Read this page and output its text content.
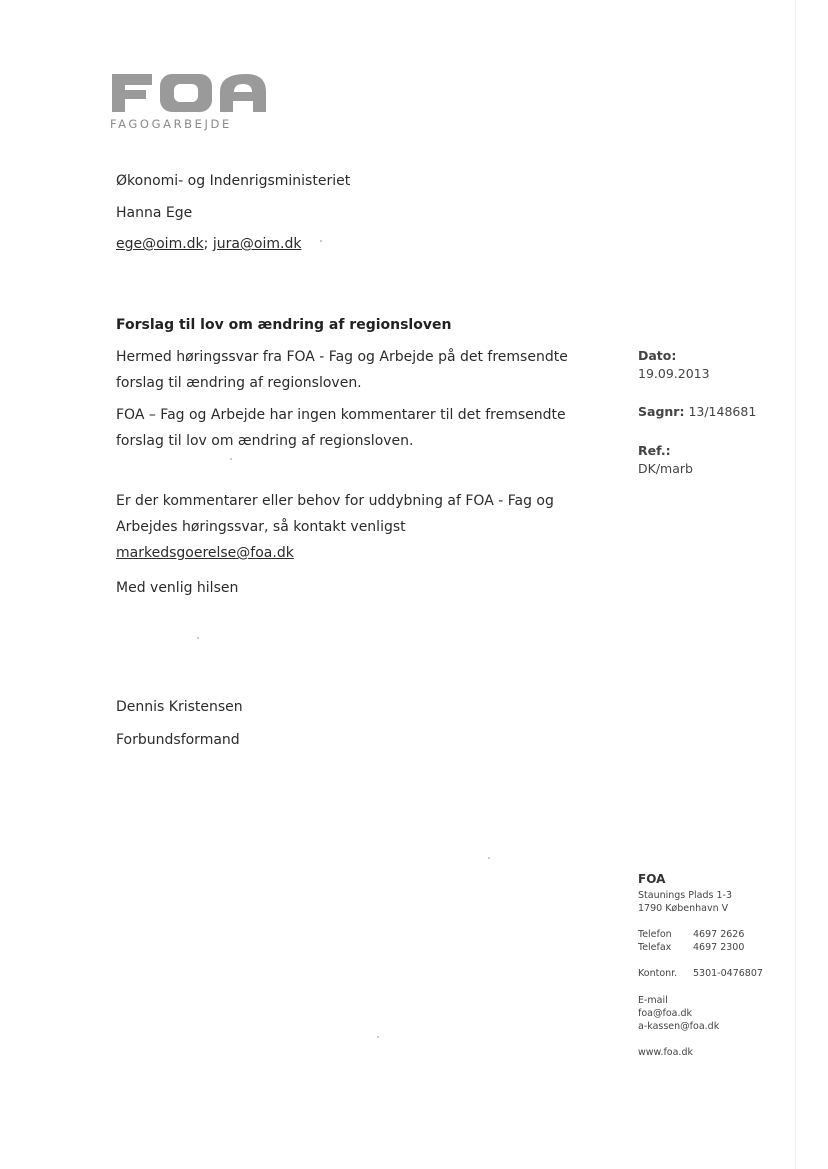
FAGOGARBEJDE
Økonomi- og Indenrigsministeriet
Hanna Ege
ege@oim.dk; jura@oim.dk
Forslag til lov om ændring af regionsloven
Hermed høringssvar fra FOA - Fag og Arbejde på det fremsendte forslag til ændring af regionsloven.
FOA – Fag og Arbejde har ingen kommentarer til det fremsendte forslag til lov om ændring af regionsloven.
Er der kommentarer eller behov for uddybning af FOA - Fag og Arbejdes høringssvar, så kontakt venligst markedsgoerelse@foa.dk
Med venlig hilsen
Dennis Kristensen
Forbundsformand
Dato:
19.09.2013
Sagnr: 13/148681
Ref.:
DK/marb
FOA
Staunings Plads 1-3
1790 København V
Telefon 4697 2626
Telefax 4697 2300
Kontonr. 5301-0476807
E-mail
foa@foa.dk
a-kassen@foa.dk
www.foa.dk
